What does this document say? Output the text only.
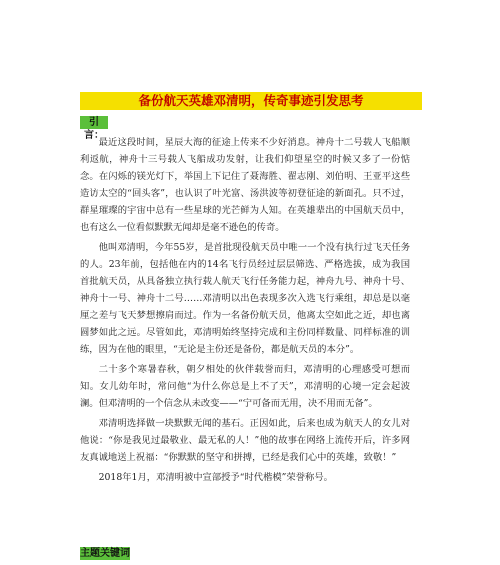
备份航天英雄邓清明，传奇事迹引发思考
引言：

最近这段时间，星辰大海的征途上传来不少好消息。神舟十二号载人飞船顺利返航，神舟十三号载人飞船成功发射，让我们仰望星空的时候又多了一份惦念。在闪烁的镁光灯下，举国上下记住了聂海胜、翟志刚、刘伯明、王亚平这些造访太空的“回头客”，也认识了叶光富、汤洪波等初登征途的新面孔。只不过，群星璀璨的宇宙中总有一些星球的光芒鲜为人知。在英雄辈出的中国航天员中，也有这么一位看似默默无闻却是毫不逊色的传奇。

他叫邓清明，今年55岁，是首批现役航天员中唯一一个没有执行过飞天任务的人。23年前，包括他在内的14名飞行员经过层层筛选、严格选拔，成为我国首批航天员，从具备独立执行载人航天飞行任务能力起，神舟九号、神舟十号、神舟十一号、神舟十二号……邓清明以出色表现多次入选飞行乘组，却总是以毫厘之差与飞天梦想擦肩而过。作为一名备份航天员，他离太空如此之近，却也离圆梦如此之远。尽管如此，邓清明始终坚持完成和主份同样数量、同样标准的训练，因为在他的眼里，“无论是主份还是备份，都是航天员的本分”。

二十多个寒暑春秋，朝夕相处的伙伴载誉而归，邓清明的心理感受可想而知。女儿幼年时，常问他“为什么你总是上不了天”，邓清明的心境一定会起波澜。但邓清明的一个信念从未改变——“宁可备而无用，决不用而无备”。

邓清明选择做一块默默无闻的基石。正因如此，后来也成为航天人的女儿对他说：“你是我见过最敬业、最无私的人！”他的故事在网络上流传开后，许多网友真诚地送上祝福：“你默默的坚守和拼搏，已经是我们心中的英雄，致敬！”

2018年1月，邓清明被中宣部授予“时代楷模”荣誉称号。

主题关键词
